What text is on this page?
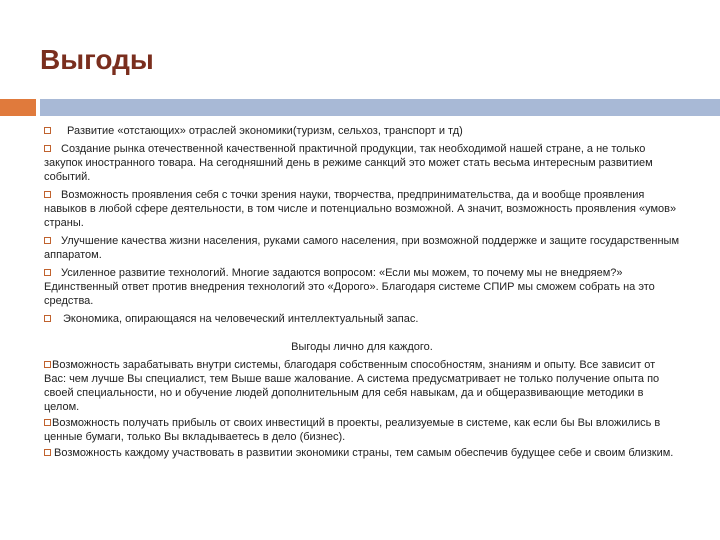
Выгоды

Развитие «отстающих» отраслей экономики(туризм, сельхоз, транспорт и тд)

Создание рынка отечественной качественной практичной продукции, так необходимой нашей стране, а не только закупок иностранного товара. На сегодняшний день в режиме санкций это может стать весьма интересным развитием событий.

Возможность проявления себя с точки зрения науки, творчества, предпринимательства, да и вообще проявления навыков в любой сфере деятельности, в том числе и потенциально возможной. А значит, возможность проявления «умов» страны.

Улучшение качества жизни населения, руками самого населения, при возможной поддержке и защите государственным аппаратом.

Усиленное развитие технологий. Многие задаются вопросом: «Если мы можем, то почему мы не внедряем?» Единственный ответ против внедрения технологий это «Дорого». Благодаря системе СПИР мы сможем собрать на это средства.

Экономика, опирающаяся на человеческий интеллектуальный запас.

Выгоды лично для каждого.

Возможность зарабатывать внутри системы, благодаря собственным способностям, знаниям и опыту. Все зависит от Вас: чем лучше Вы специалист, тем Выше ваше жалование. А система предусматривает не только получение опыта по своей специальности, но и обучение людей дополнительным для себя навыкам, да и общеразвивающие методики в целом.

Возможность получать прибыль от своих инвестиций в проекты, реализуемые в системе, как если бы Вы вложились в ценные бумаги, только Вы вкладываетесь в дело (бизнес).

Возможность каждому участвовать в развитии экономики страны, тем самым обеспечив будущее себе и своим близким.
